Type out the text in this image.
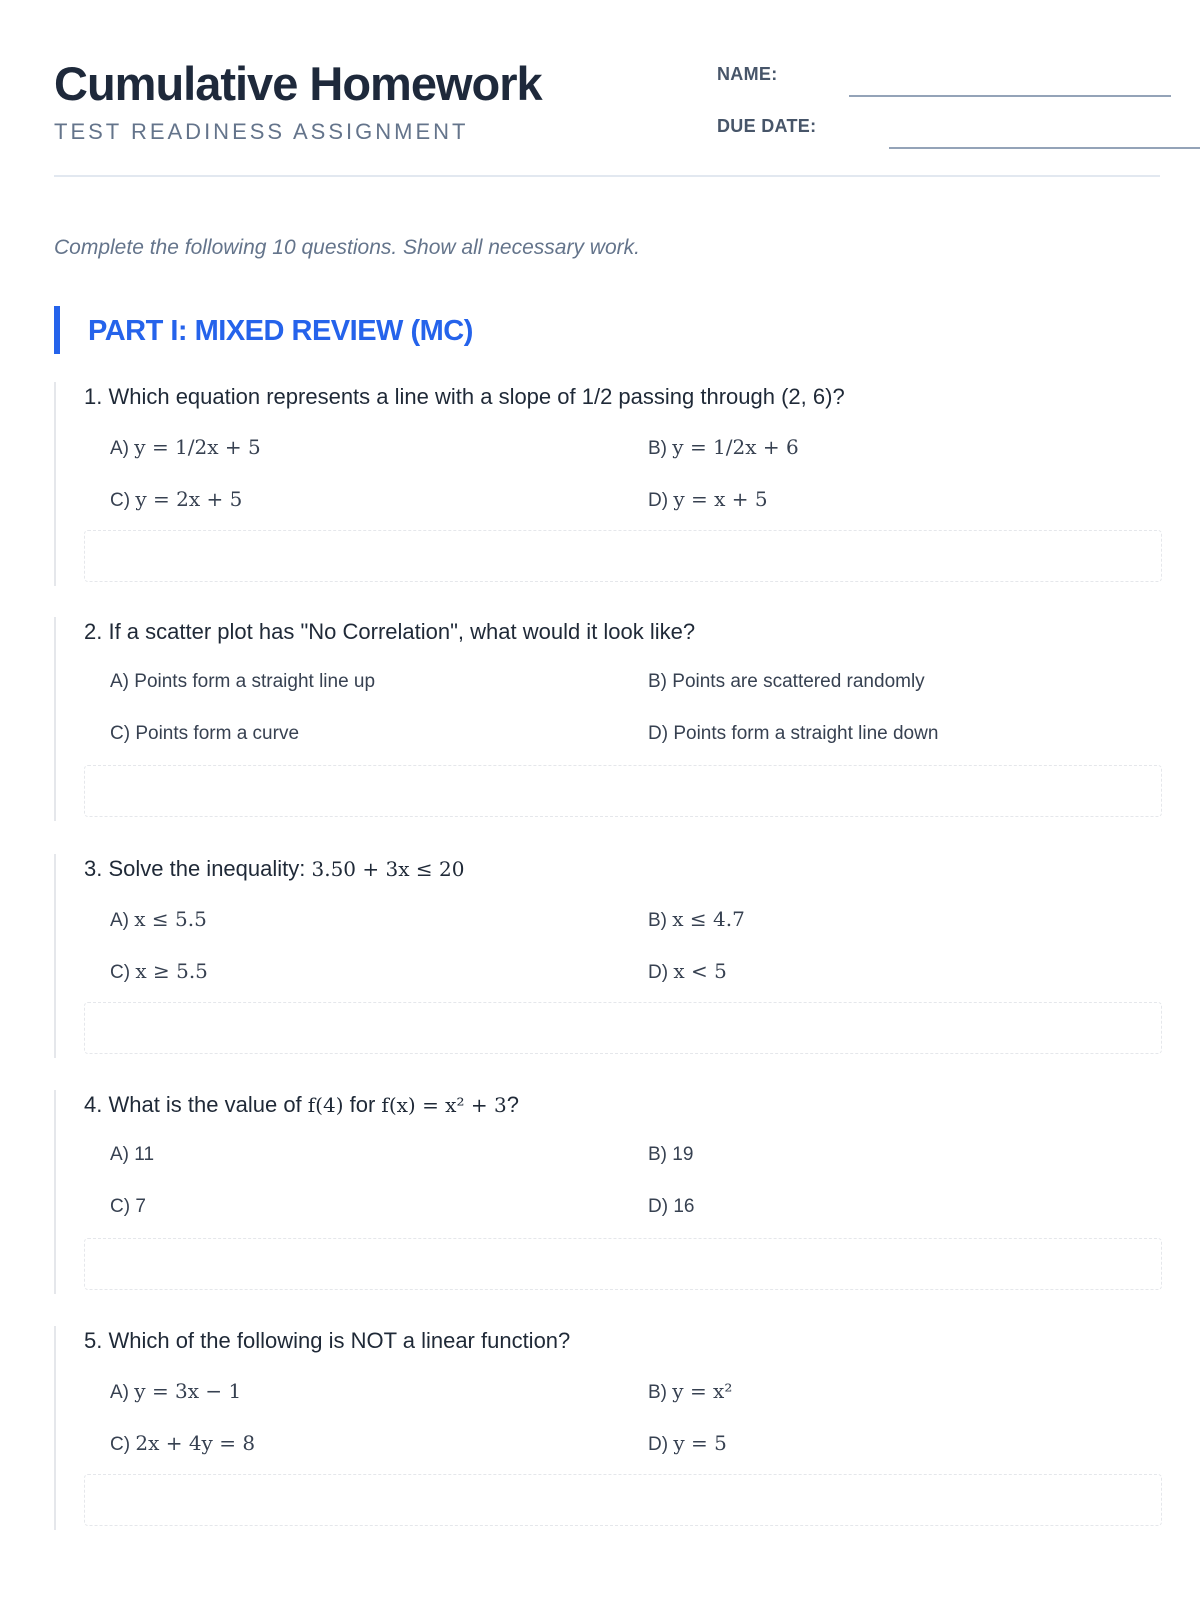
Cumulative Homework
TEST READINESS ASSIGNMENT
NAME:
DUE DATE:
Complete the following 10 questions. Show all necessary work.
PART I: MIXED REVIEW (MC)
1. Which equation represents a line with a slope of 1/2 passing through (2, 6)?
A) y = 1/2x + 5	B) y = 1/2x + 6
C) y = 2x + 5	D) y = x + 5
2. If a scatter plot has "No Correlation", what would it look like?
A) Points form a straight line up	B) Points are scattered randomly
C) Points form a curve	D) Points form a straight line down
3. Solve the inequality: 3.50 + 3x ≤ 20
A) x ≤ 5.5	B) x ≤ 4.7
C) x ≥ 5.5	D) x < 5
4. What is the value of f(4) for f(x) = x² + 3?
A) 11	B) 19
C) 7	D) 16
5. Which of the following is NOT a linear function?
A) y = 3x − 1	B) y = x²
C) 2x + 4y = 8	D) y = 5
